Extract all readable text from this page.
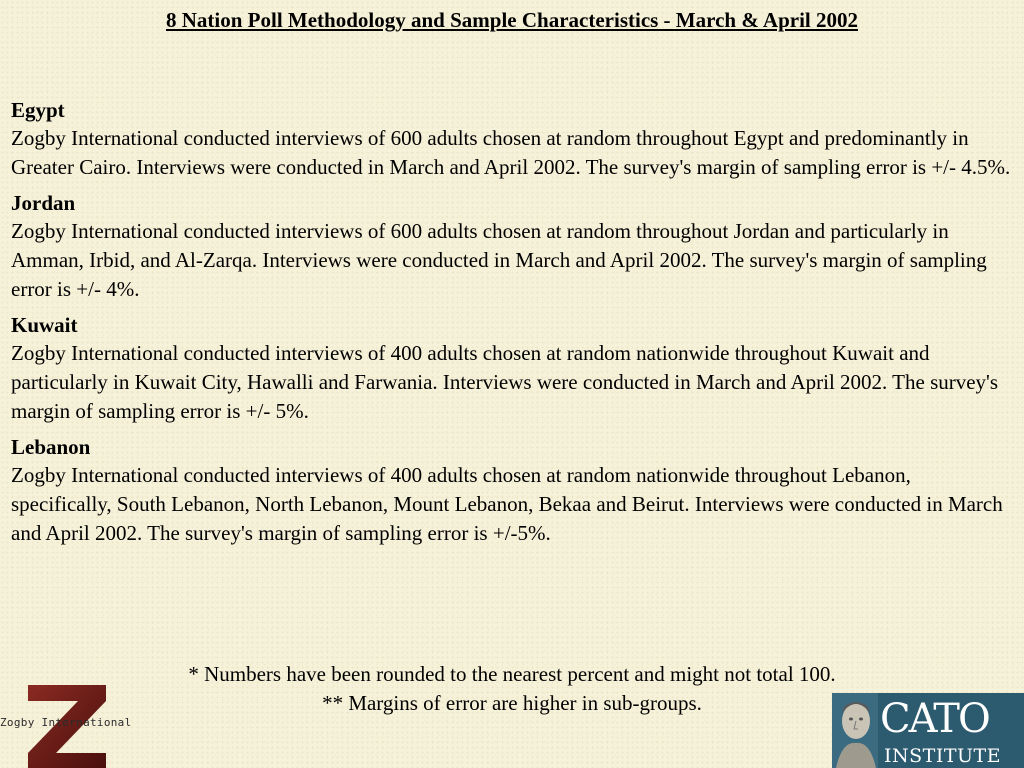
8 Nation Poll Methodology and Sample Characteristics - March & April 2002
Egypt

Zogby International conducted interviews of 600 adults chosen at random throughout Egypt and predominantly in Greater Cairo. Interviews were conducted in March and April 2002. The survey's margin of sampling error is +/- 4.5%.

Jordan

Zogby International conducted interviews of 600 adults chosen at random throughout Jordan and particularly in Amman, Irbid, and Al-Zarqa. Interviews were conducted in March and April 2002. The survey's margin of sampling error is +/- 4%.

Kuwait

Zogby International conducted interviews of 400 adults chosen at random nationwide throughout Kuwait and particularly in Kuwait City, Hawalli and Farwania. Interviews were conducted in March and April 2002. The survey's margin of sampling error is +/- 5%.

Lebanon

Zogby International conducted interviews of 400 adults chosen at random nationwide throughout Lebanon, specifically, South Lebanon, North Lebanon, Mount Lebanon, Bekaa and Beirut. Interviews were conducted in March and April 2002. The survey's margin of sampling error is +/-5%.

* Numbers have been rounded to the nearest percent and might not total 100.
** Margins of error are higher in sub-groups.
Zogby International	CATO
INSTITUTE
